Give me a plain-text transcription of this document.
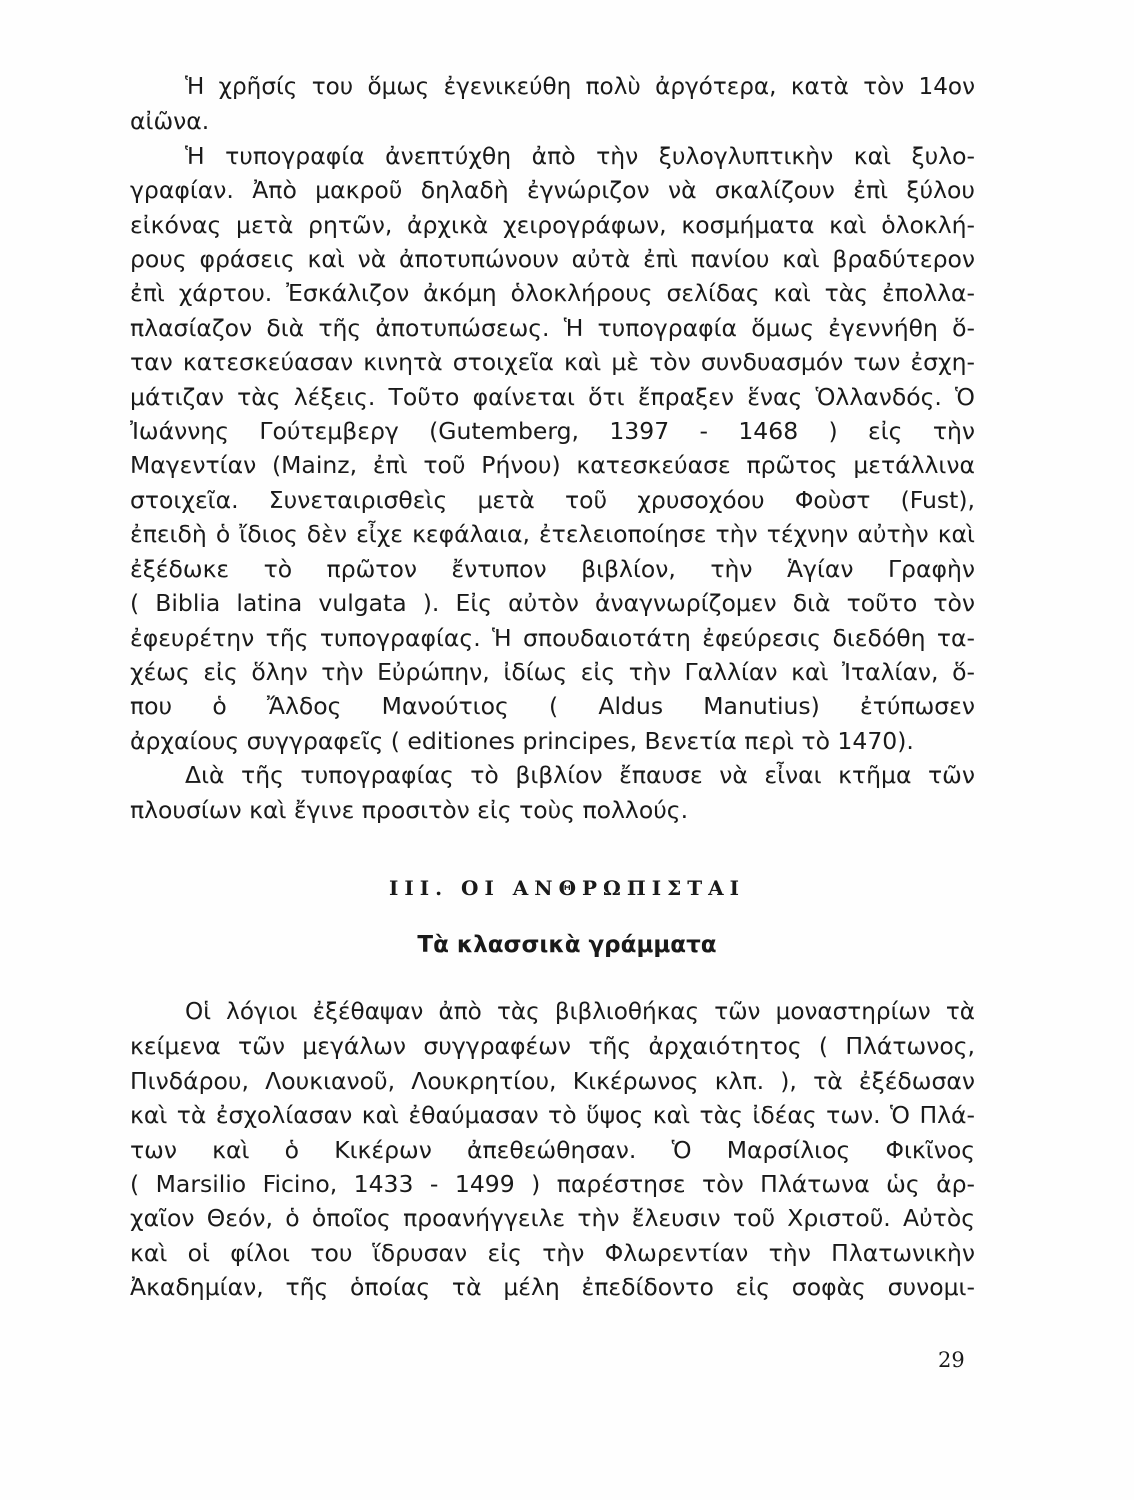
Ἡ χρῆσίς του ὅμως ἐγενικεύθη πολὺ ἀργότερα, κατὰ τὸν 14ον
αἰῶνα.

Ἡ τυπογραφία ἀνεπτύχθη ἀπὸ τὴν ξυλογλυπτικὴν καὶ ξυλο-
γραφίαν. Ἀπὸ μακροῦ δηλαδὴ ἐγνώριζον νὰ σκαλίζουν ἐπὶ ξύλου
εἰκόνας μετὰ ρητῶν, ἀρχικὰ χειρογράφων, κοσμήματα καὶ ὁλοκλή-
ρους φράσεις καὶ νὰ ἀποτυπώνουν αὐτὰ ἐπὶ πανίου καὶ βραδύτερον
ἐπὶ χάρτου. Ἐσκάλιζον ἀκόμη ὁλοκλήρους σελίδας καὶ τὰς ἐπολλα-
πλασίαζον διὰ τῆς ἀποτυπώσεως. Ἡ τυπογραφία ὅμως ἐγεννήθη ὅ-
ταν κατεσκεύασαν κινητὰ στοιχεῖα καὶ μὲ τὸν συνδυασμόν των ἐσχη-
μάτιζαν τὰς λέξεις. Τοῦτο φαίνεται ὅτι ἔπραξεν ἕνας Ὁλλανδός. Ὁ
Ἰωάννης Γούτεμβεργ (Gutemberg, 1397 - 1468 ) εἰς τὴν
Μαγεντίαν (Mainz, ἐπὶ τοῦ Ρήνου) κατεσκεύασε πρῶτος μετάλλινα
στοιχεῖα. Συνεταιρισθεὶς μετὰ τοῦ χρυσοχόου Φοὺστ (Fust),
ἐπειδὴ ὁ ἴδιος δὲν εἶχε κεφάλαια, ἐτελειοποίησε τὴν τέχνην αὐτὴν καὶ
ἐξέδωκε τὸ πρῶτον ἔντυπον βιβλίον, τὴν Ἁγίαν Γραφὴν
( Biblia latina vulgata ). Εἰς αὐτὸν ἀναγνωρίζομεν διὰ τοῦτο τὸν
ἐφευρέτην τῆς τυπογραφίας. Ἡ σπουδαιοτάτη ἐφεύρεσις διεδόθη τα-
χέως εἰς ὅλην τὴν Εὐρώπην, ἰδίως εἰς τὴν Γαλλίαν καὶ Ἰταλίαν, ὅ-
που ὁ Ἄλδος Μανούτιος ( Aldus Manutius) ἐτύπωσεν
ἀρχαίους συγγραφεῖς ( editiones principes, Βενετία περὶ τὸ 1470).

Διὰ τῆς τυπογραφίας τὸ βιβλίον ἔπαυσε νὰ εἶναι κτῆμα τῶν
πλουσίων καὶ ἔγινε προσιτὸν εἰς τοὺς πολλούς.

III. ΟΙ ΑΝΘΡΩΠΙΣΤΑΙ
Τὰ κλασσικὰ γράμματα

Οἱ λόγιοι ἐξέθαψαν ἀπὸ τὰς βιβλιοθήκας τῶν μοναστηρίων τὰ
κείμενα τῶν μεγάλων συγγραφέων τῆς ἀρχαιότητος ( Πλάτωνος,
Πινδάρου, Λουκιανοῦ, Λουκρητίου, Κικέρωνος κλπ. ), τὰ ἐξέδωσαν
καὶ τὰ ἐσχολίασαν καὶ ἐθαύμασαν τὸ ὕψος καὶ τὰς ἰδέας των. Ὁ Πλά-
των καὶ ὁ Κικέρων ἀπεθεώθησαν. Ὁ Μαρσίλιος Φικῖνος
( Marsilio Ficino, 1433 - 1499 ) παρέστησε τὸν Πλάτωνα ὡς ἀρ-
χαῖον Θεόν, ὁ ὁποῖος προανήγγειλε τὴν ἔλευσιν τοῦ Χριστοῦ. Αὐτὸς
καὶ οἱ φίλοι του ἵδρυσαν εἰς τὴν Φλωρεντίαν τὴν Πλατωνικὴν
Ἀκαδημίαν, τῆς ὁποίας τὰ μέλη ἐπεδίδοντο εἰς σοφὰς συνομι-

29
